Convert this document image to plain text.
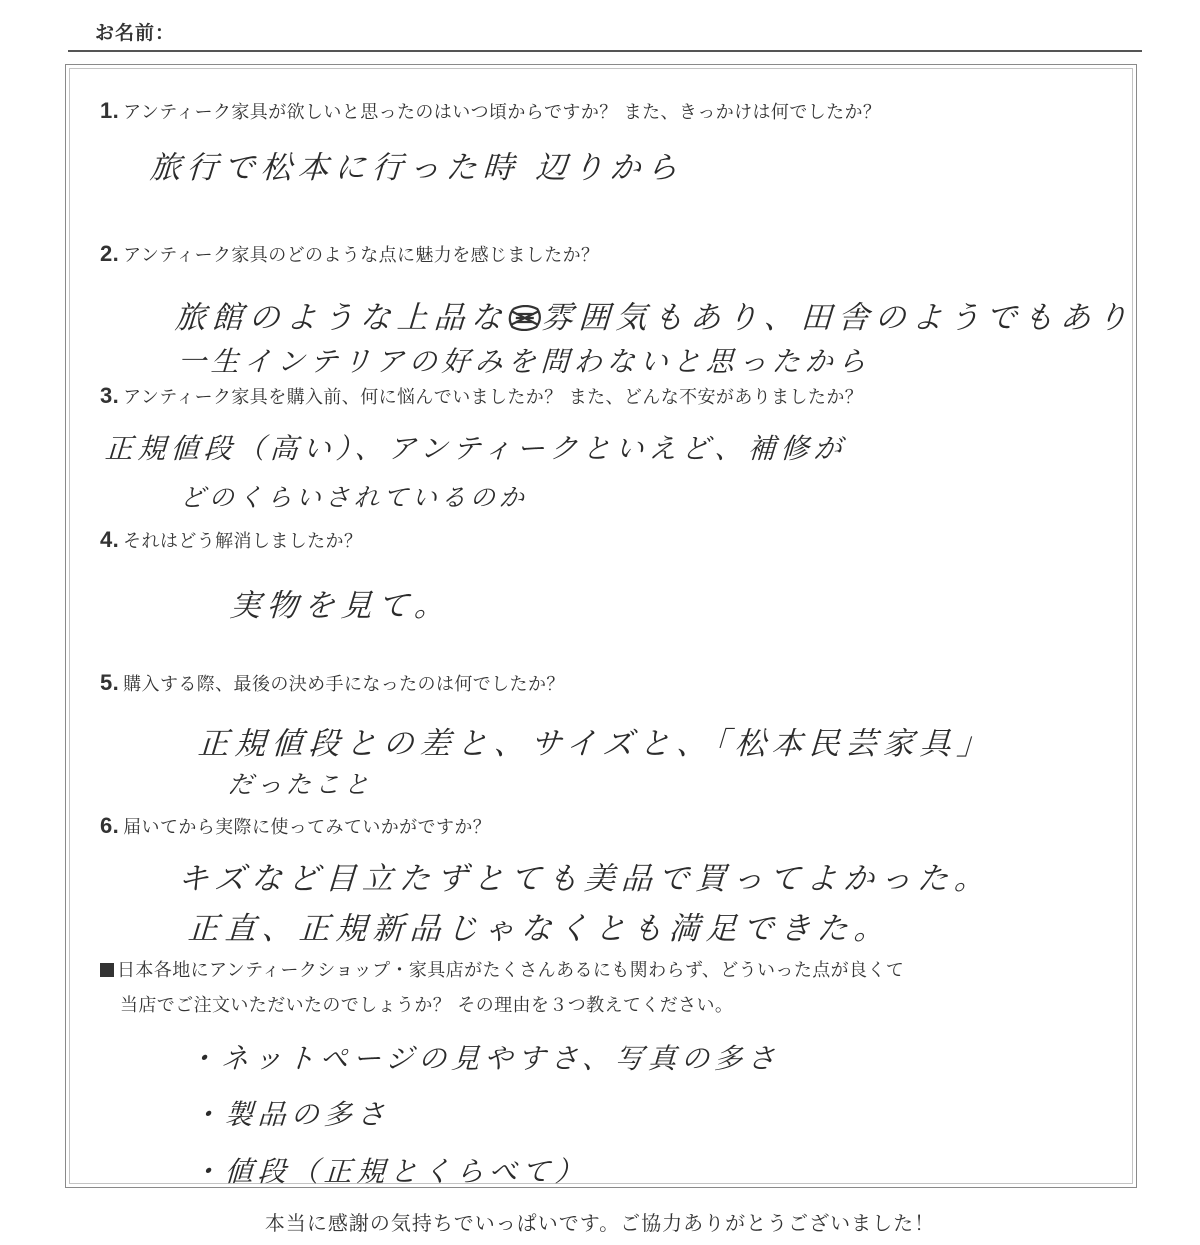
お名前：
1. アンティーク家具が欲しいと思ったのはいつ頃からですか？ また、きっかけは何でしたか？
旅行で松本に行った時 辺りから
2. アンティーク家具のどのような点に魅力を感じましたか？
旅館のような上品な 雰囲気もあり、田舎のようでもあり
一生インテリアの好みを問わないと思ったから
3. アンティーク家具を購入前、何に悩んでいましたか？ また、どんな不安がありましたか？
正規値段（高い）、アンティークといえど、補修が
どのくらいされているのか
4. それはどう解消しましたか？
実物を見て。
5. 購入する際、最後の決め手になったのは何でしたか？
正規値段との差と、サイズと、「松本民芸家具」
だったこと
6. 届いてから実際に使ってみていかがですか？
キズなど目立たずとても美品で買ってよかった。
正直、正規新品じゃなくとも満足できた。
日本各地にアンティークショップ・家具店がたくさんあるにも関わらず、どういった点が良くて
当店でご注文いただいたのでしょうか？ その理由を３つ教えてください。
・ネットページの見やすさ、写真の多さ
・製品の多さ
・値段（正規とくらべて）
本当に感謝の気持ちでいっぱいです。ご協力ありがとうございました！
